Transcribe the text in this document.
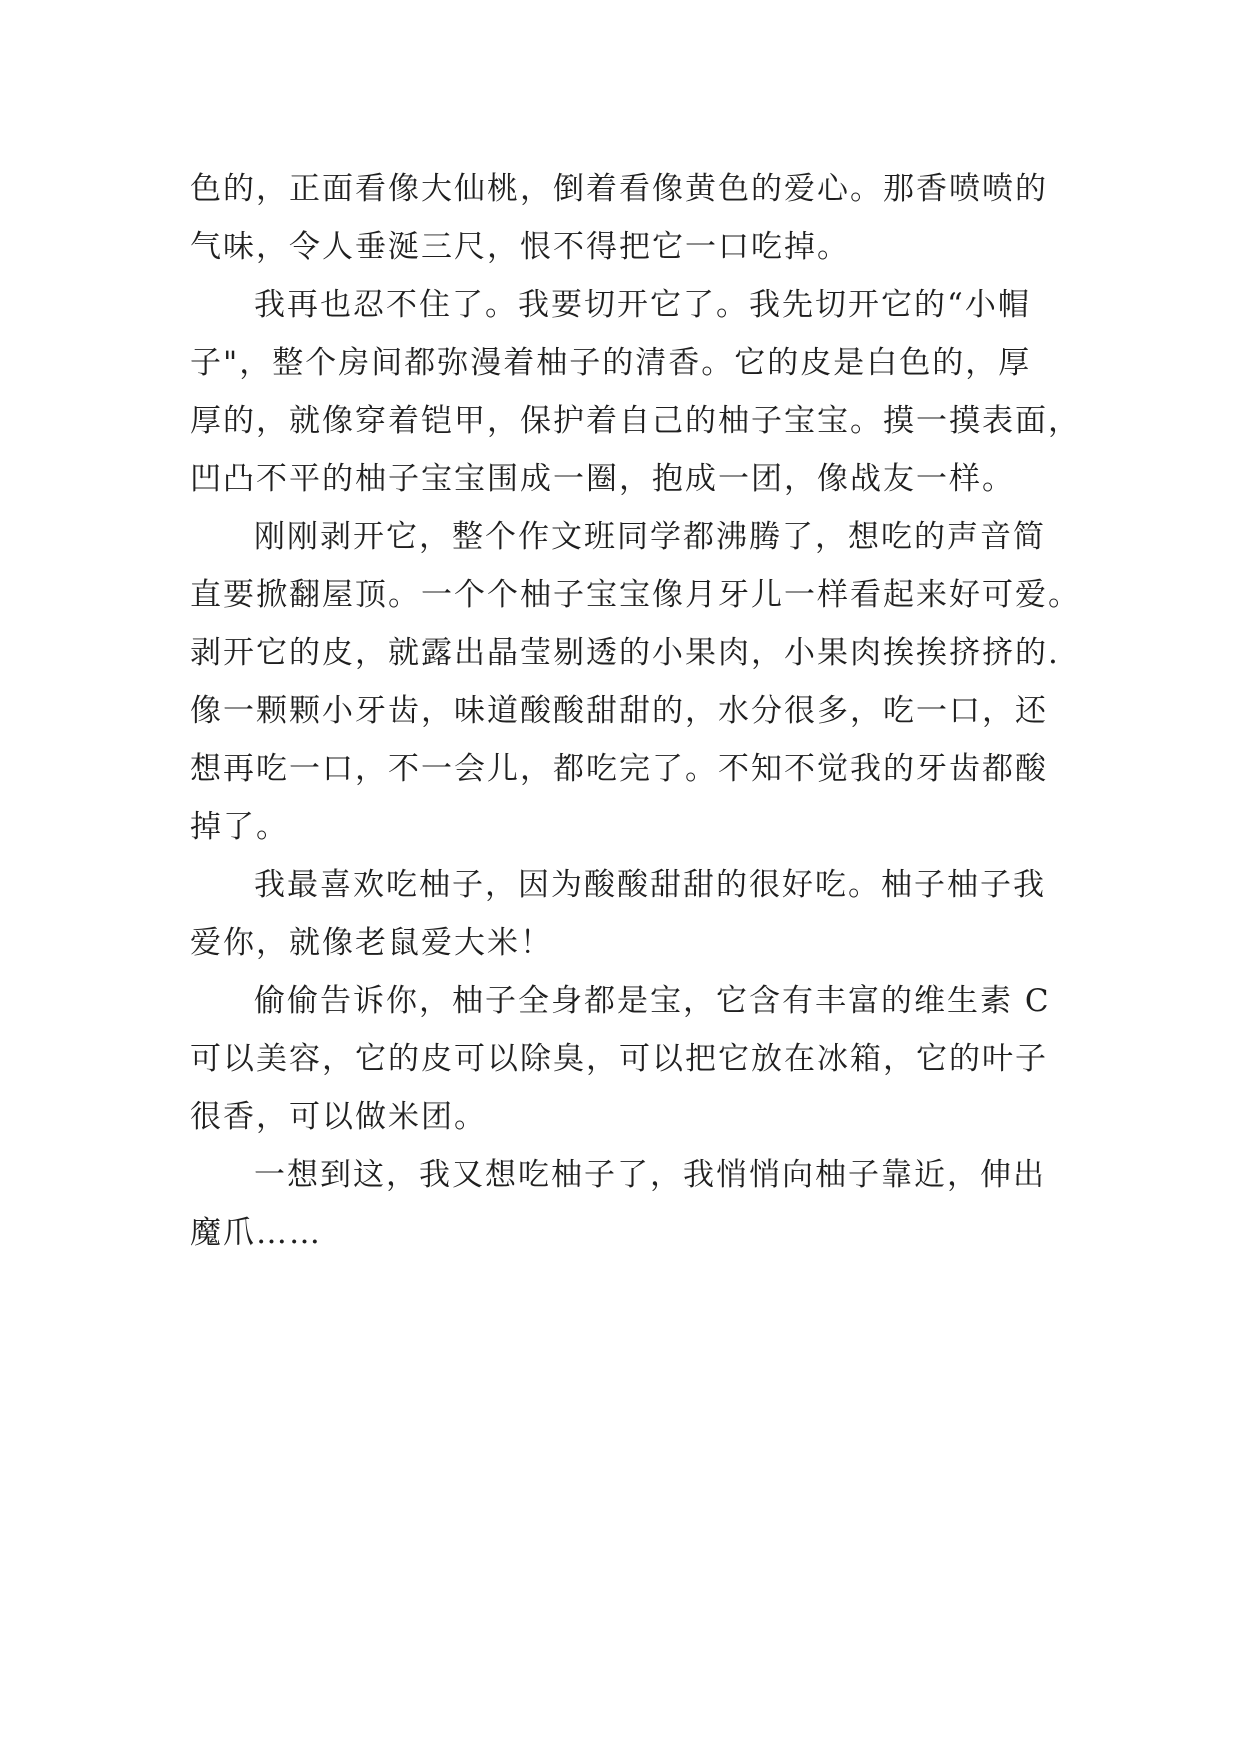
色的，正面看像大仙桃，倒着看像黄色的爱心。那香喷喷的
气味，令人垂涎三尺，恨不得把它一口吃掉。
我再也忍不住了。我要切开它了。我先切开它的“小帽
子"，整个房间都弥漫着柚子的清香。它的皮是白色的，厚
厚的，就像穿着铠甲，保护着自己的柚子宝宝。摸一摸表面，
凹凸不平的柚子宝宝围成一圈，抱成一团，像战友一样。
刚刚剥开它，整个作文班同学都沸腾了，想吃的声音简
直要掀翻屋顶。一个个柚子宝宝像月牙儿一样看起来好可爱。
剥开它的皮，就露出晶莹剔透的小果肉，小果肉挨挨挤挤的.
像一颗颗小牙齿，味道酸酸甜甜的，水分很多，吃一口，还
想再吃一口，不一会儿，都吃完了。不知不觉我的牙齿都酸
掉了。
我最喜欢吃柚子，因为酸酸甜甜的很好吃。柚子柚子我
爱你，就像老鼠爱大米！
偷偷告诉你，柚子全身都是宝，它含有丰富的维生素 C
可以美容，它的皮可以除臭，可以把它放在冰箱，它的叶子
很香，可以做米团。
一想到这，我又想吃柚子了，我悄悄向柚子靠近，伸出
魔爪……
